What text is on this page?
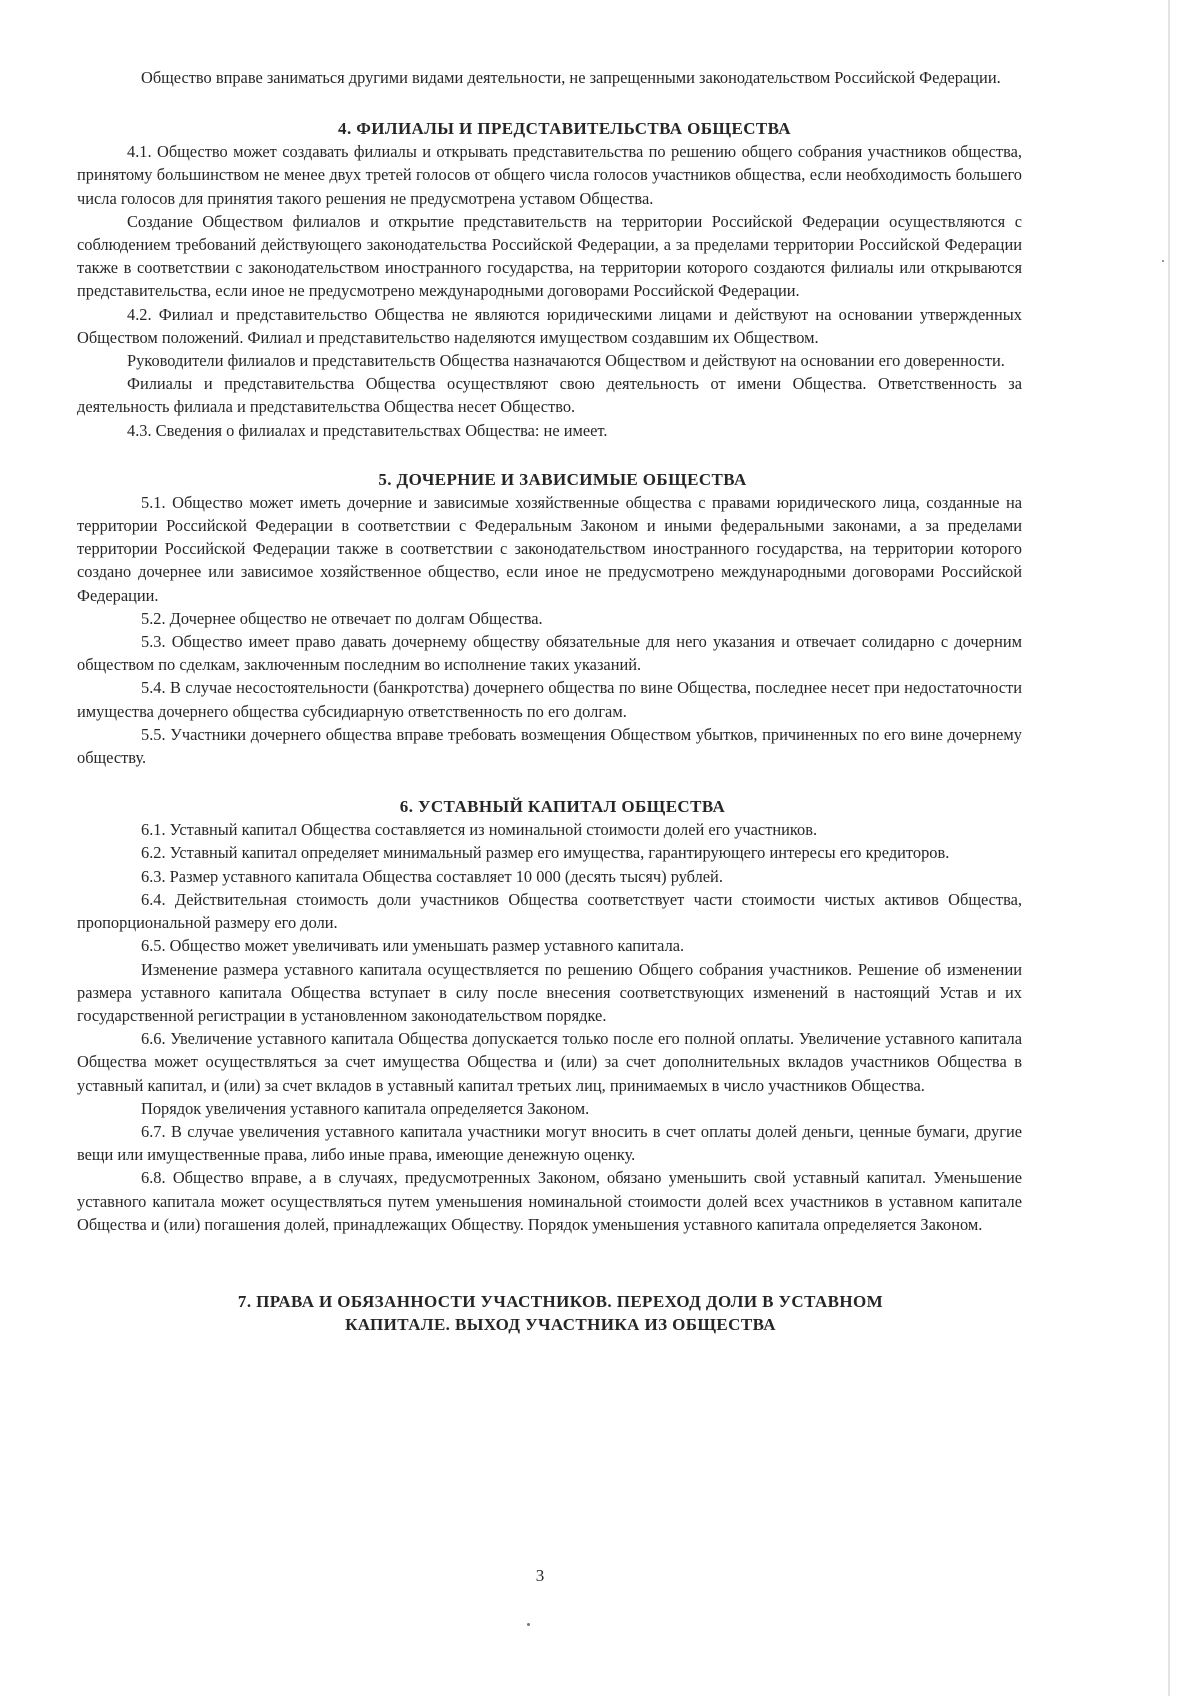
Общество вправе заниматься другими видами деятельности, не запрещенными законодательством Российской Федерации.

4. ФИЛИАЛЫ И ПРЕДСТАВИТЕЛЬСТВА ОБЩЕСТВА

4.1. Общество может создавать филиалы и открывать представительства по решению общего собрания участников общества, принятому большинством не менее двух третей голосов от общего числа голосов участников общества, если необходимость большего числа голосов для принятия такого решения не предусмотрена уставом Общества.

Создание Обществом филиалов и открытие представительств на территории Российской Федерации осуществляются с соблюдением требований действующего законодательства Российской Федерации, а за пределами территории Российской Федерации также в соответствии с законодательством иностранного государства, на территории которого создаются филиалы или открываются представительства, если иное не предусмотрено международными договорами Российской Федерации.

4.2. Филиал и представительство Общества не являются юридическими лицами и действуют на основании утвержденных Обществом положений. Филиал и представительство наделяются имуществом создавшим их Обществом.

Руководители филиалов и представительств Общества назначаются Обществом и действуют на основании его доверенности.

Филиалы и представительства Общества осуществляют свою деятельность от имени Общества. Ответственность за деятельность филиала и представительства Общества несет Общество.

4.3. Сведения о филиалах и представительствах Общества: не имеет.

5. ДОЧЕРНИЕ И ЗАВИСИМЫЕ ОБЩЕСТВА

5.1. Общество может иметь дочерние и зависимые хозяйственные общества с правами юридического лица, созданные на территории Российской Федерации в соответствии с Федеральным Законом и иными федеральными законами, а за пределами территории Российской Федерации также в соответствии с законодательством иностранного государства, на территории которого создано дочернее или зависимое хозяйственное общество, если иное не предусмотрено международными договорами Российской Федерации.

5.2. Дочернее общество не отвечает по долгам Общества.

5.3. Общество имеет право давать дочернему обществу обязательные для него указания и отвечает солидарно с дочерним обществом по сделкам, заключенным последним во исполнение таких указаний.

5.4. В случае несостоятельности (банкротства) дочернего общества по вине Общества, последнее несет при недостаточности имущества дочернего общества субсидиарную ответственность по его долгам.

5.5. Участники дочернего общества вправе требовать возмещения Обществом убытков, причиненных по его вине дочернему обществу.

6. УСТАВНЫЙ КАПИТАЛ ОБЩЕСТВА

6.1. Уставный капитал Общества составляется из номинальной стоимости долей его участников.

6.2. Уставный капитал определяет минимальный размер его имущества, гарантирующего интересы его кредиторов.

6.3. Размер уставного капитала Общества составляет 10 000 (десять тысяч) рублей.

6.4. Действительная стоимость доли участников Общества соответствует части стоимости чистых активов Общества, пропорциональной размеру его доли.

6.5. Общество может увеличивать или уменьшать размер уставного капитала.

Изменение размера уставного капитала осуществляется по решению Общего собрания участников. Решение об изменении размера уставного капитала Общества вступает в силу после внесения соответствующих изменений в настоящий Устав и их государственной регистрации в установленном законодательством порядке.

6.6. Увеличение уставного капитала Общества допускается только после его полной оплаты. Увеличение уставного капитала Общества может осуществляться за счет имущества Общества и (или) за счет дополнительных вкладов участников Общества в уставный капитал, и (или) за счет вкладов в уставный капитал третьих лиц, принимаемых в число участников Общества.

Порядок увеличения уставного капитала определяется Законом.

6.7. В случае увеличения уставного капитала участники могут вносить в счет оплаты долей деньги, ценные бумаги, другие вещи или имущественные права, либо иные права, имеющие денежную оценку.

6.8. Общество вправе, а в случаях, предусмотренных Законом, обязано уменьшить свой уставный капитал. Уменьшение уставного капитала может осуществляться путем уменьшения номинальной стоимости долей всех участников в уставном капитале Общества и (или) погашения долей, принадлежащих Обществу. Порядок уменьшения уставного капитала определяется Законом.

7. ПРАВА И ОБЯЗАННОСТИ УЧАСТНИКОВ. ПЕРЕХОД ДОЛИ В УСТАВНОМ
КАПИТАЛЕ. ВЫХОД УЧАСТНИКА ИЗ ОБЩЕСТВА
3
